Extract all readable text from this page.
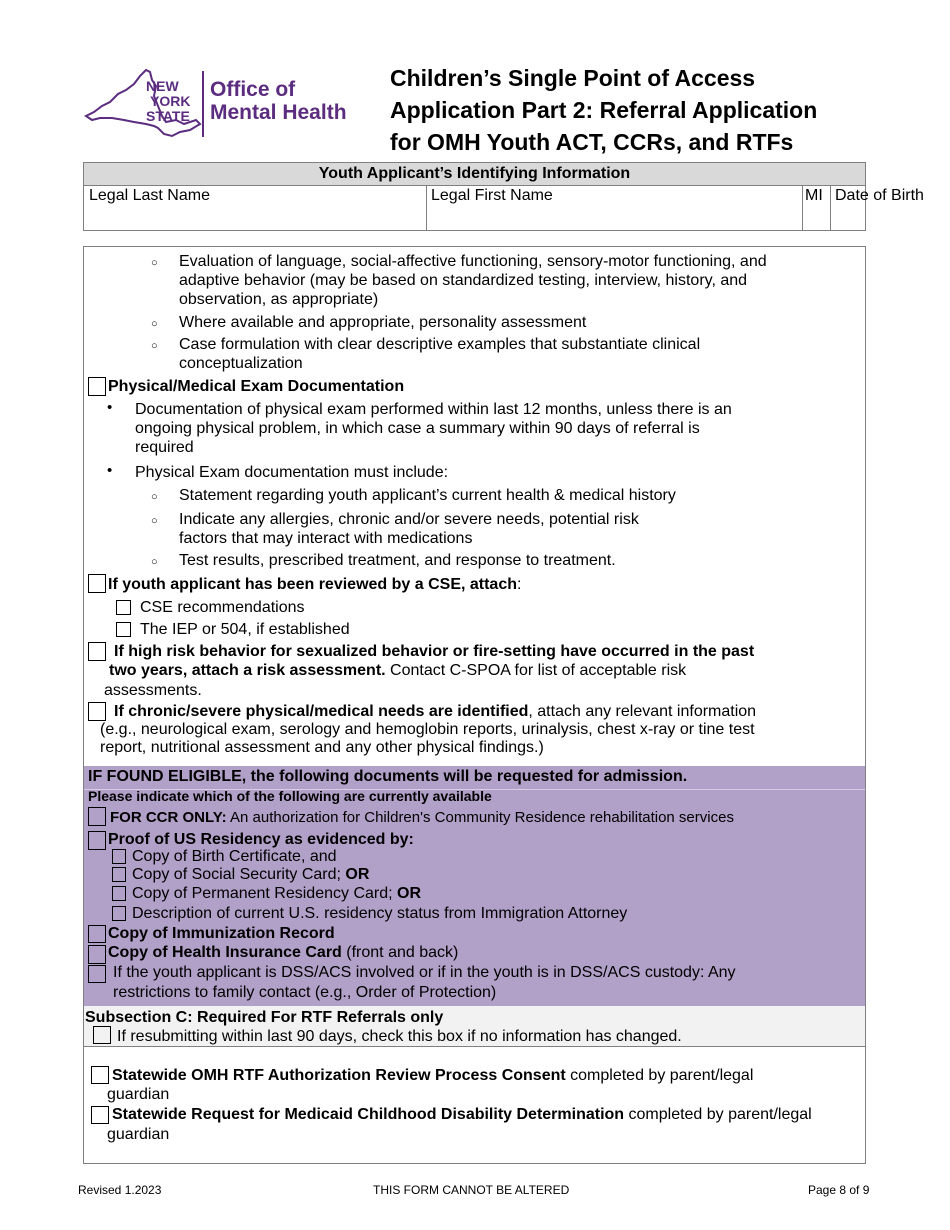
NEW
YORK
STATE
Office of
Mental Health
Children’s Single Point of Access
Application Part 2: Referral Application
for OMH Youth ACT, CCRs, and RTFs
Youth Applicant’s Identifying Information
Legal Last Name	Legal First Name	MI Date of Birth
○ Evaluation of language, social-affective functioning, sensory-motor functioning, and
adaptive behavior (may be based on standardized testing, interview, history, and
observation, as appropriate)
○ Where available and appropriate, personality assessment
○ Case formulation with clear descriptive examples that substantiate clinical
conceptualization
Physical/Medical Exam Documentation
• Documentation of physical exam performed within last 12 months, unless there is an
ongoing physical problem, in which case a summary within 90 days of referral is
required
• Physical Exam documentation must include:
○ Statement regarding youth applicant’s current health & medical history
○ Indicate any allergies, chronic and/or severe needs, potential risk
factors that may interact with medications
○ Test results, prescribed treatment, and response to treatment.
If youth applicant has been reviewed by a CSE, attach:
CSE recommendations
The IEP or 504, if established
If high risk behavior for sexualized behavior or fire-setting have occurred in the past
two years, attach a risk assessment. Contact C-SPOA for list of acceptable risk
assessments.
If chronic/severe physical/medical needs are identified, attach any relevant information
(e.g., neurological exam, serology and hemoglobin reports, urinalysis, chest x-ray or tine test
report, nutritional assessment and any other physical findings.)
IF FOUND ELIGIBLE, the following documents will be requested for admission.
Please indicate which of the following are currently available
FOR CCR ONLY: An authorization for Children's Community Residence rehabilitation services
Proof of US Residency as evidenced by:
Copy of Birth Certificate, and
Copy of Social Security Card; OR
Copy of Permanent Residency Card; OR
Description of current U.S. residency status from Immigration Attorney
Copy of Immunization Record
Copy of Health Insurance Card (front and back)
If the youth applicant is DSS/ACS involved or if in the youth is in DSS/ACS custody: Any
restrictions to family contact (e.g., Order of Protection)
Subsection C: Required For RTF Referrals only
If resubmitting within last 90 days, check this box if no information has changed.
Statewide OMH RTF Authorization Review Process Consent completed by parent/legal
guardian
Statewide Request for Medicaid Childhood Disability Determination completed by parent/legal
guardian
Revised 1.2023	THIS FORM CANNOT BE ALTERED	Page 8 of 9
